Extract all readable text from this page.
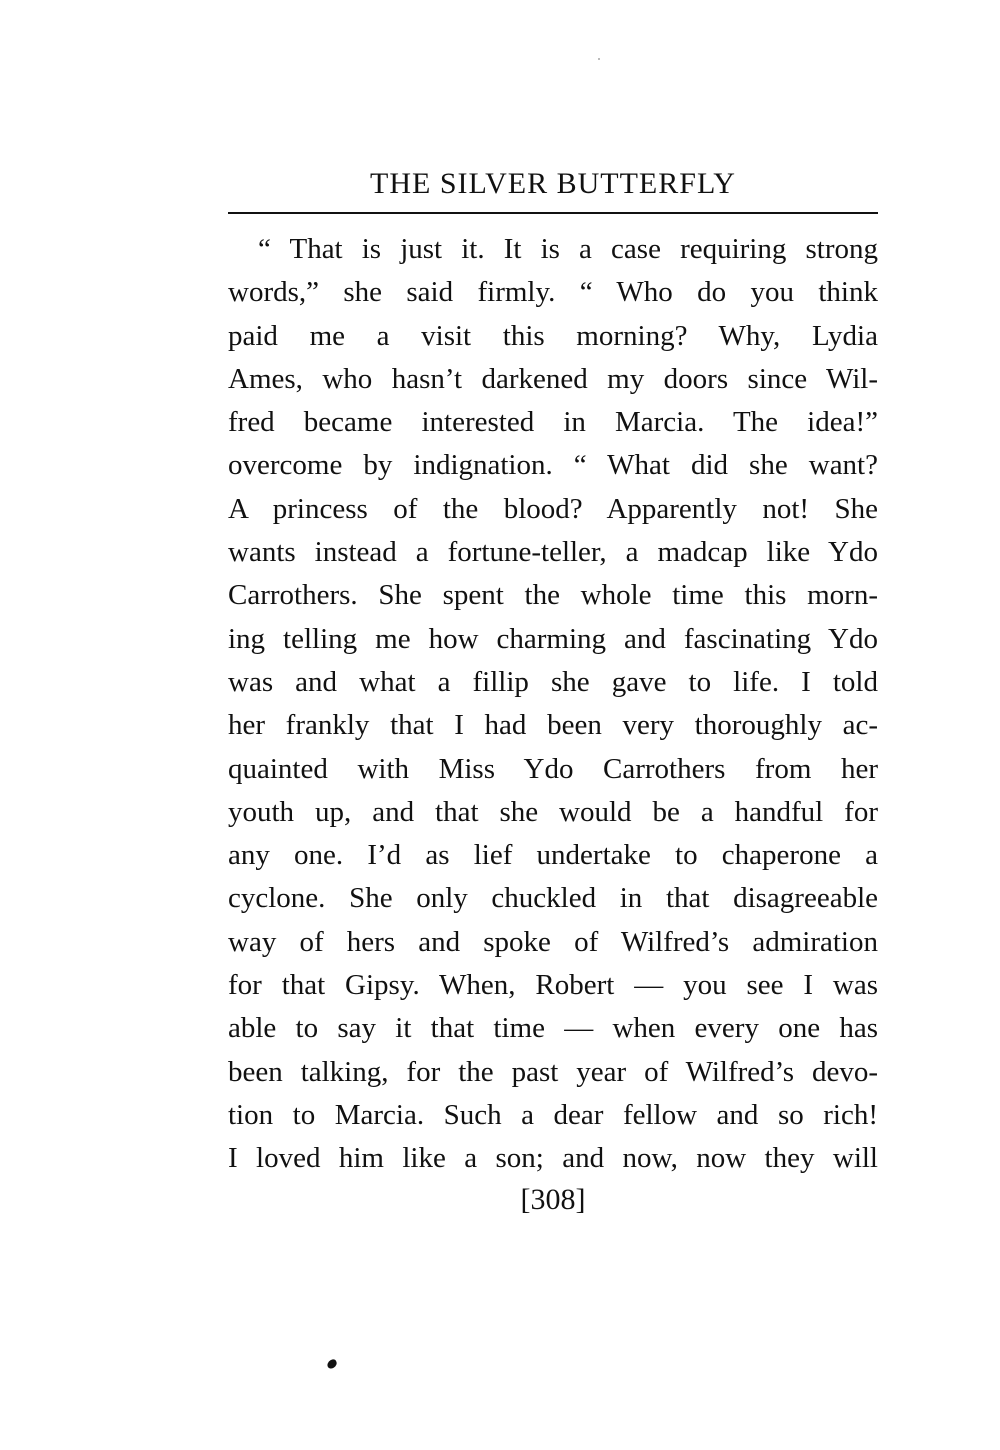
THE SILVER BUTTERFLY
“ That is just it. It is a case requiring strong
words,” she said firmly. “ Who do you think
paid me a visit this morning? Why, Lydia
Ames, who hasn’t darkened my doors since Wil-
fred became interested in Marcia. The idea!”
overcome by indignation. “ What did she want?
A princess of the blood? Apparently not! She
wants instead a fortune-teller, a madcap like Ydo
Carrothers. She spent the whole time this morn-
ing telling me how charming and fascinating Ydo
was and what a fillip she gave to life. I told
her frankly that I had been very thoroughly ac-
quainted with Miss Ydo Carrothers from her
youth up, and that she would be a handful for
any one. I’d as lief undertake to chaperone a
cyclone. She only chuckled in that disagreeable
way of hers and spoke of Wilfred’s admiration
for that Gipsy. When, Robert — you see I was
able to say it that time — when every one has
been talking, for the past year of Wilfred’s devo-
tion to Marcia. Such a dear fellow and so rich!
I loved him like a son; and now, now they will
[308]
